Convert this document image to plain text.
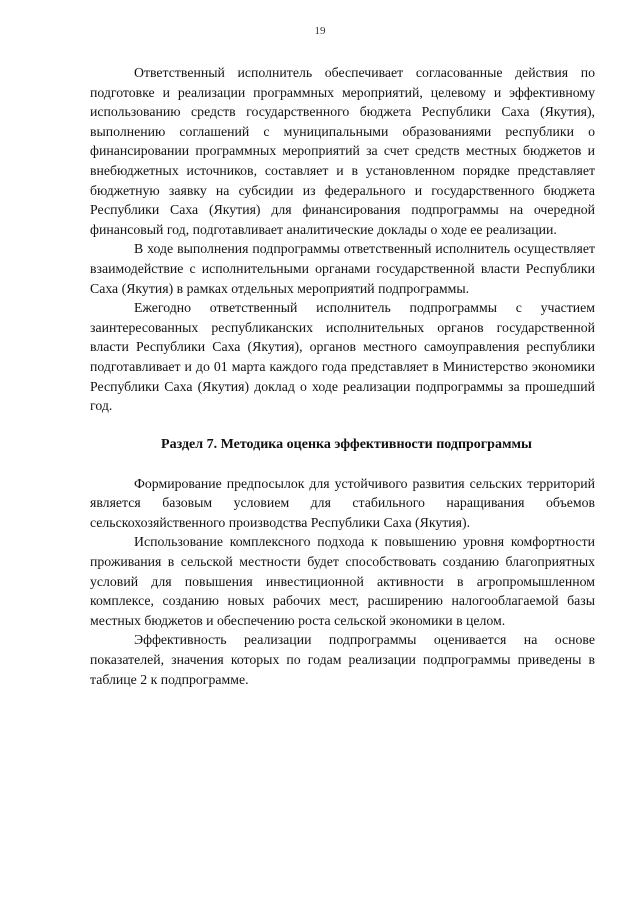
19

Ответственный исполнитель обеспечивает согласованные действия по подготовке и реализации программных мероприятий, целевому и эффективному использованию средств государственного бюджета Республики Саха (Якутия), выполнению соглашений с муниципальными образованиями республики о финансировании программных мероприятий за счет средств местных бюджетов и внебюджетных источников, составляет и в установленном порядке представляет бюджетную заявку на субсидии из федерального и государственного бюджета Республики Саха (Якутия) для финансирования подпрограммы на очередной финансовый год, подготавливает аналитические доклады о ходе ее реализации.

В ходе выполнения подпрограммы ответственный исполнитель осуществляет взаимодействие с исполнительными органами государственной власти Республики Саха (Якутия) в рамках отдельных мероприятий подпрограммы.

Ежегодно ответственный исполнитель подпрограммы с участием заинтересованных республиканских исполнительных органов государственной власти Республики Саха (Якутия), органов местного самоуправления республики подготавливает и до 01 марта каждого года представляет в Министерство экономики Республики Саха (Якутия) доклад о ходе реализации подпрограммы за прошедший год.

Раздел 7. Методика оценка эффективности подпрограммы

Формирование предпосылок для устойчивого развития сельских территорий является базовым условием для стабильного наращивания объемов сельскохозяйственного производства Республики Саха (Якутия).

Использование комплексного подхода к повышению уровня комфортности проживания в сельской местности будет способствовать созданию благоприятных условий для повышения инвестиционной активности в агропромышленном комплексе, созданию новых рабочих мест, расширению налогооблагаемой базы местных бюджетов и обеспечению роста сельской экономики в целом.

Эффективность реализации подпрограммы оценивается на основе показателей, значения которых по годам реализации подпрограммы приведены в таблице 2 к подпрограмме.
